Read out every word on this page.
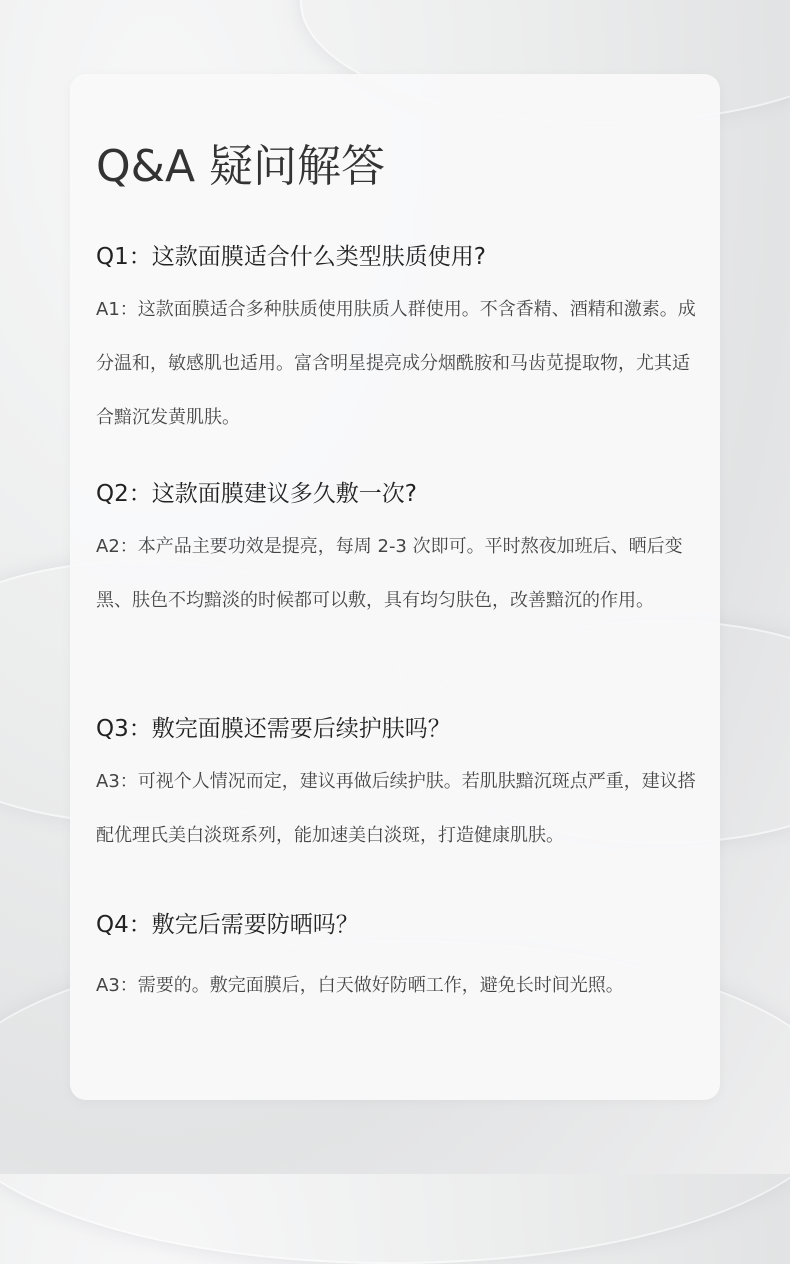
Q&A 疑问解答
Q1：这款面膜适合什么类型肤质使用?

A1：这款面膜适合多种肤质使用肤质人群使用。不含香精、酒精和激素。成分温和，敏感肌也适用。富含明星提亮成分烟酰胺和马齿苋提取物，尤其适合黯沉发黄肌肤。

Q2：这款面膜建议多久敷一次?

A2：本产品主要功效是提亮，每周 2-3 次即可。平时熬夜加班后、晒后变黑、肤色不均黯淡的时候都可以敷，具有均匀肤色，改善黯沉的作用。

Q3：敷完面膜还需要后续护肤吗？

A3：可视个人情况而定，建议再做后续护肤。若肌肤黯沉斑点严重，建议搭配优理氏美白淡斑系列，能加速美白淡斑，打造健康肌肤。

Q4：敷完后需要防晒吗？

A3：需要的。敷完面膜后，白天做好防晒工作，避免长时间光照。
